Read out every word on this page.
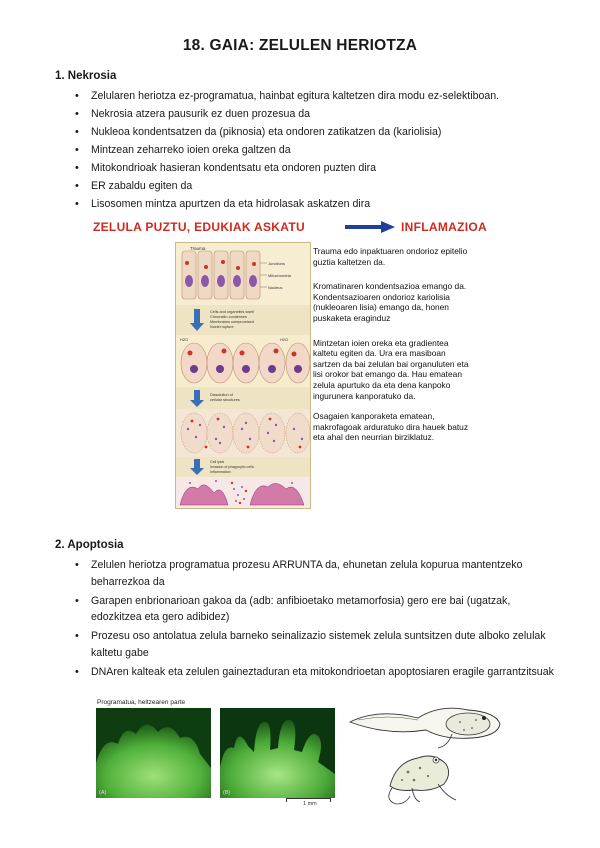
18. GAIA: ZELULEN HERIOTZA
1. Nekrosia
• Zelularen heriotza ez-programatua, hainbat egitura kaltetzen dira modu ez-selektiboan.
• Nekrosia atzera pausurik ez duen prozesua da
• Nukleoa kondentsatzen da (piknosia) eta ondoren zatikatzen da (kariolisia)
• Mintzean zeharreko ioien oreka galtzen da
• Mitokondrioak hasieran kondentsatu eta ondoren puzten dira
• ER zabaldu egiten da
• Lisosomen mintza apurtzen da eta hidrolasak askatzen dira
ZELULA PUZTU, EDUKIAK ASKATU	INFLAMAZIOA
Trauma
Junctions
Mitochondria
Nucleus
Cells and organelles swell
Chromatin condenses
Membranes compromised
Nuclei rupture
H2O	H2O
Dissolution of
cellular structures
Cell lysis
Invasion of phagocytic cells
Inflammation

Trauma edo inpaktuaren ondorioz epitelio guztia kaltetzen da.

Kromatinaren kondentsazioa emango da. Kondentsazioaren ondorioz kariolisia (nukleoaren lisia) emango da, honen puskaketa eraginduz

Mintzetan ioien oreka eta gradientea kaltetu egiten da. Ura era masiboan sartzen da bai zelulan bai organuluten eta lisi orokor bat emango da. Hau ematean zelula apurtuko da eta dena kanpoko ingurunera kanporatuko da.

Osagaien kanporaketa ematean, makrofagoak arduratuko dira hauek batuz eta ahal den neurrian birziklatuz.

2. Apoptosia
• Zelulen heriotza programatua prozesu ARRUNTA da, ehunetan zelula kopurua mantentzeko beharrezkoa da
• Garapen enbrionarioan gakoa da (adb: anfibioetako metamorfosia) gero ere bai (ugatzak, edozkitzea eta gero adibidez)
• Prozesu oso antolatua zelula barneko seinalizazio sistemek zelula suntsitzen dute alboko zelulak kaltetu gabe
• DNAren kalteak eta zelulen gaineztaduran eta mitokondrioetan apoptosiaren eragile garrantzitsuak
Programatua, heltzearen parte
(A)	(B)
1 mm
